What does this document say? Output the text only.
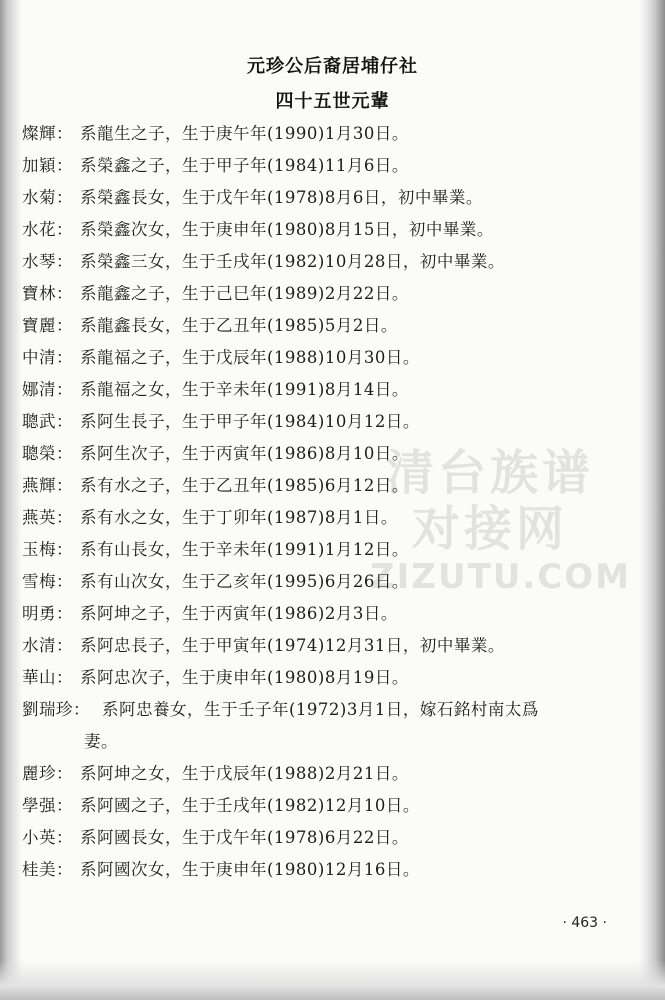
元珍公后裔居埔仔社
四十五世元輩
清台族谱对接网
ZIZUTU.COM
燦輝： 系龍生之子，生于庚午年(1990)1月30日。
加穎： 系榮鑫之子，生于甲子年(1984)11月6日。
水菊： 系榮鑫長女，生于戊午年(1978)8月6日，初中畢業。
水花： 系榮鑫次女，生于庚申年(1980)8月15日，初中畢業。
水琴： 系榮鑫三女，生于壬戌年(1982)10月28日，初中畢業。
寶林： 系龍鑫之子，生于己巳年(1989)2月22日。
寶麗： 系龍鑫長女，生于乙丑年(1985)5月2日。
中清： 系龍福之子，生于戊辰年(1988)10月30日。
娜清： 系龍福之女，生于辛未年(1991)8月14日。
聰武： 系阿生長子，生于甲子年(1984)10月12日。
聰榮： 系阿生次子，生于丙寅年(1986)8月10日。
燕輝： 系有水之子，生于乙丑年(1985)6月12日。
燕英： 系有水之女，生于丁卯年(1987)8月1日。
玉梅： 系有山長女，生于辛未年(1991)1月12日。
雪梅： 系有山次女，生于乙亥年(1995)6月26日。
明勇： 系阿坤之子，生于丙寅年(1986)2月3日。
水清： 系阿忠長子，生于甲寅年(1974)12月31日，初中畢業。
華山： 系阿忠次子，生于庚申年(1980)8月19日。
劉瑞珍： 系阿忠養女，生于壬子年(1972)3月1日，嫁石銘村南太爲
妻。
麗珍： 系阿坤之女，生于戊辰年(1988)2月21日。
學强： 系阿國之子，生于壬戌年(1982)12月10日。
小英： 系阿國長女，生于戊午年(1978)6月22日。
桂美： 系阿國次女，生于庚申年(1980)12月16日。
· 463 ·
